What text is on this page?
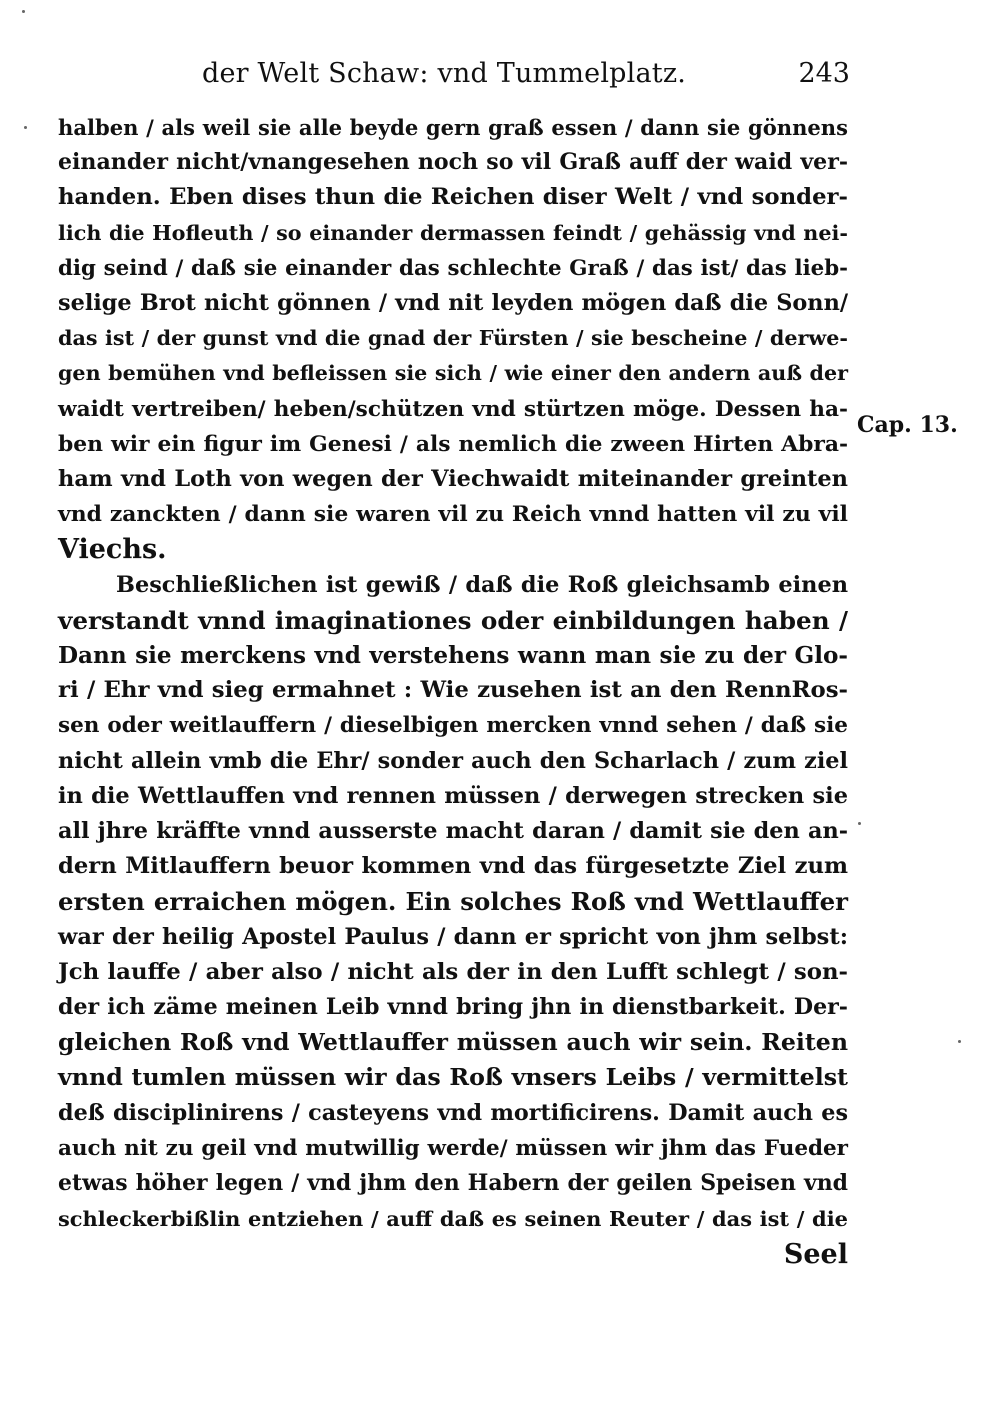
der Welt Schaw: vnd Tummelplatz.	243
Cap. 13.
halben / als weil sie alle beyde gern graß essen / dann sie gönnens
einander nicht/vnangesehen noch so vil Graß auff der waid ver-
handen. Eben dises thun die Reichen diser Welt / vnd sonder-
lich die Hofleuth / so einander dermassen feindt / gehässig vnd nei-
dig seind / daß sie einander das schlechte Graß / das ist/ das lieb-
selige Brot nicht gönnen / vnd nit leyden mögen daß die Sonn/
das ist / der gunst vnd die gnad der Fürsten / sie bescheine / derwe-
gen bemühen vnd befleissen sie sich / wie einer den andern auß der
waidt vertreiben/ heben/schützen vnd stürtzen möge. Dessen ha-
ben wir ein figur im Genesi / als nemlich die zween Hirten Abra-
ham vnd Loth von wegen der Viechwaidt miteinander greinten
vnd zanckten / dann sie waren vil zu Reich vnnd hatten vil zu vil
Viechs.
Beschließlichen ist gewiß / daß die Roß gleichsamb einen
verstandt vnnd imaginationes oder einbildungen haben /
Dann sie merckens vnd verstehens wann man sie zu der Glo-
ri / Ehr vnd sieg ermahnet : Wie zusehen ist an den RennRos-
sen oder weitlauffern / dieselbigen mercken vnnd sehen / daß sie
nicht allein vmb die Ehr/ sonder auch den Scharlach / zum ziel
in die Wettlauffen vnd rennen müssen / derwegen strecken sie
all jhre kräffte vnnd ausserste macht daran / damit sie den an-
dern Mitlauffern beuor kommen vnd das fürgesetzte Ziel zum
ersten erraichen mögen. Ein solches Roß vnd Wettlauffer
war der heilig Apostel Paulus / dann er spricht von jhm selbst:
Jch lauffe / aber also / nicht als der in den Lufft schlegt / son-
der ich zäme meinen Leib vnnd bring jhn in dienstbarkeit. Der-
gleichen Roß vnd Wettlauffer müssen auch wir sein. Reiten
vnnd tumlen müssen wir das Roß vnsers Leibs / vermittelst
deß disciplinirens / casteyens vnd mortificirens. Damit auch es
auch nit zu geil vnd mutwillig werde/ müssen wir jhm das Fueder
etwas höher legen / vnd jhm den Habern der geilen Speisen vnd
schleckerbißlin entziehen / auff daß es seinen Reuter / das ist / die
Seel
